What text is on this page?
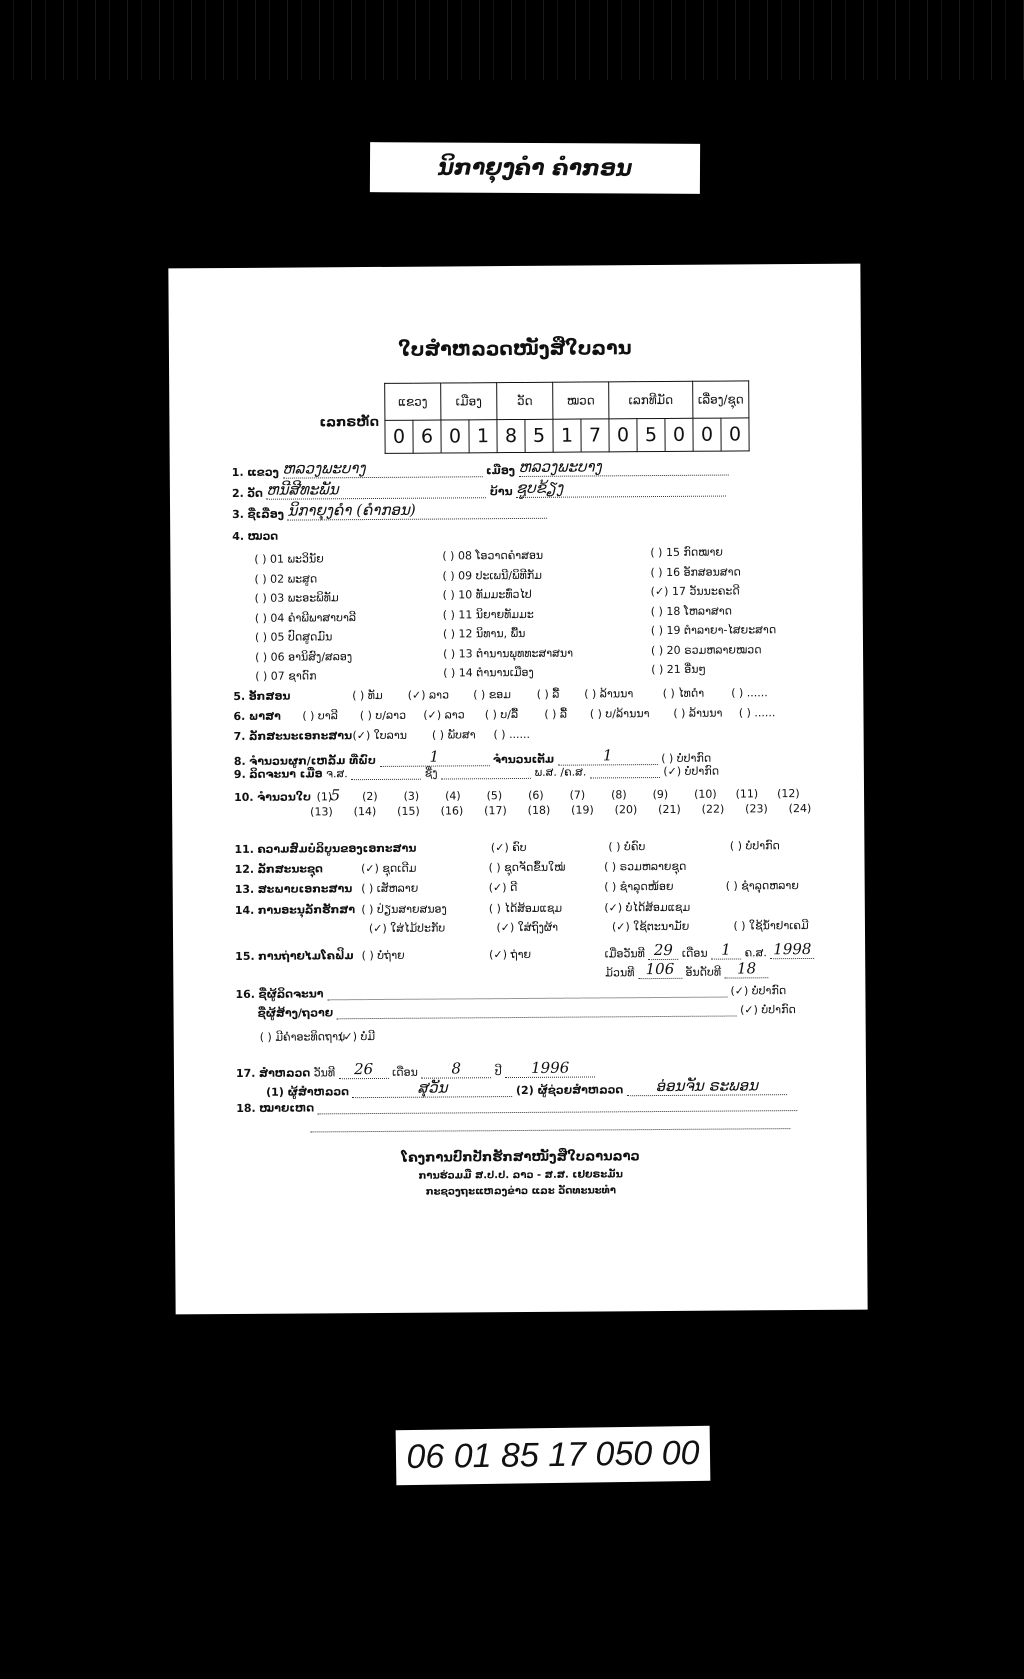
ນິກາຍຸງຄຳ ຄຳກອນ
ໃບສຳຫລວດໜັງສືໃບລານ
ເລກຣຫັດ
ແຂວງ		ເມືອງ		ວັດ		ໝວດ		ເລກທີມັດ			ເລື່ອງ/ຊຸດ	
0	6	0	1	8	5	1	7	0	5	0	0	0
1. ແຂວງ ຫລວງພະບາງ	ເມືອງ ຫລວງພະບາງ
2. ວັດ ຫນີສີທະພັນ	ບ້ານ ຊູບຂ້ຽງ
3. ຊື່ເລື່ອງ ນິກາຍຸງຄຳ (ຄຳກອນ)
4. ໝວດ
( ) 01 ພະວິນັຍ
( ) 02 ພະສູດ
( ) 03 ພະອະພິທັມ
( ) 04 ຄຳພີພາສາບາລີ
( ) 05 ປົດສູດມົນ
( ) 06 ອານິສົງ/ສລອງ
( ) 07 ຊາດົກ
( ) 08 ໂອວາດຄຳສອນ
( ) 09 ປະເພນີ/ພິທີກັມ
( ) 10 ທັມມະທົ່ວໄປ
( ) 11 ນິຍາຍທັມມະ
( ) 12 ນິທານ, ພື້ນ
( ) 13 ຕຳນານພຸທທະສາສນາ
( ) 14 ຕຳນານເມືອງ
( ) 15 ກົດໝາຍ
( ) 16 ອັກສອນສາດ
(✓) 17 ວັນນະຄະດີ
( ) 18 ໂຫລາສາດ
( ) 19 ຕຳລາຍາ-ໄສຍະສາດ
( ) 20 ຣວມຫລາຍໝວດ
( ) 21 ອື່ນໆ
5. ອັກສອນ	( ) ທັມ (✓) ລາວ ( ) ຂອມ ( ) ລື້ ( ) ລ້ານນາ	( ) ໄທດຳ ( ) ......
6. ພາສາ ( ) ບາລີ ( ) ບ/ລາວ (✓) ລາວ ( ) ບ/ລື້ ( ) ລື້ ( ) ບ/ລ້ານນາ ( ) ລ້ານນາ ( ) ......
7. ລັກສະນະເອກະສານ (✓) ໃບລານ ( ) ພັບສາ ( ) ......
8. ຈຳນວນຜູກ/ເຫລັ້ມ ທີ່ພົບ	1	ຈຳນວນເຕັມ	1	( ) ບໍ່ປາກົດ
9. ລິດຈະນາ ເມື່ອ ຈ.ສ.	ຊື່ງ	ພ.ສ. /ຄ.ສ.	(✓) ບໍ່ປາກົດ
10. ຈຳນວນໃບ (1)5 (2) (3) (4) (5) (6) (7) (8) (9) (10) (11) (12)
(13) (14) (15) (16) (17) (18) (19) (20) (21) (22) (23) (24)
11. ຄວາມສົມບໍລິບູນຂອງເອກະສານ	(✓) ຄົບ	( ) ບໍ່ຄົບ	( ) ບໍ່ປາກົດ
12. ລັກສະນະຊຸດ	(✓) ຊຸດເດີມ	( ) ຊຸດຈັດຂຶ້ນໃໝ່	( ) ຣວມຫລາຍຊຸດ
13. ສະພາບເອກະສານ ( ) ເສັຫລາຍ	(✓) ດີ	( ) ຊຳລຸດໜ້ອຍ	( ) ຊຳລຸດຫລາຍ
14. ການອະນຸລັກຮັກສາ ( ) ປ່ຽນສາຍສນອງ	( ) ໄດ້ສ້ອມແຊມ	(✓) ບໍ່ໄດ້ສ້ອມແຊມ
(✓) ໃສ່ໄມ້ປະກັບ	(✓) ໃສ່ຖົງຜ້າ	(✓) ໃຊ້ຕະນາມັຍ	( ) ໃຊ້ນ້ຳຢາເຄມີ
15. ການຖ່າຍໄມໂຄຟິມ ( ) ບໍ່ຖ່າຍ	(✓) ຖ່າຍ	ເມື່ອວັນທີ 29 ເດືອນ 1 ຄ.ສ. 1998
ມ້ວນທີ 106 ອັນດັບທີ 18
16. ຊື່ຜູ້ລິດຈະນາ	(✓) ບໍ່ປາກົດ
ຊື່ຜູ້ສ້າງ/ຖວາຍ	(✓) ບໍ່ປາກົດ
( ) ມີຄຳອະທິດຖານ (✓) ບໍ່ມີ
17. ສຳຫລວດ ວັນທີ 26 ເດືອນ 8	ປີ 1996
(1) ຜູ້ສຳຫລວດ	ສຸວັນ	(2) ຜູ້ຊ່ວຍສຳຫລວດ ອ່ອນຈັນ ຣະພອນ
18. ໝາຍເຫດ
ໂຄງການປົກປັກຮັກສາໜັງສືໃບລານລາວ
ການຮ່ວມມື ສ.ປ.ປ. ລາວ - ສ.ສ. ເຢຍຣະມັນ
ກະຊວງຖະແຫລງຂ່າວ ແລະ ວັດທະນະທຳ
06 01 85 17 050 00
